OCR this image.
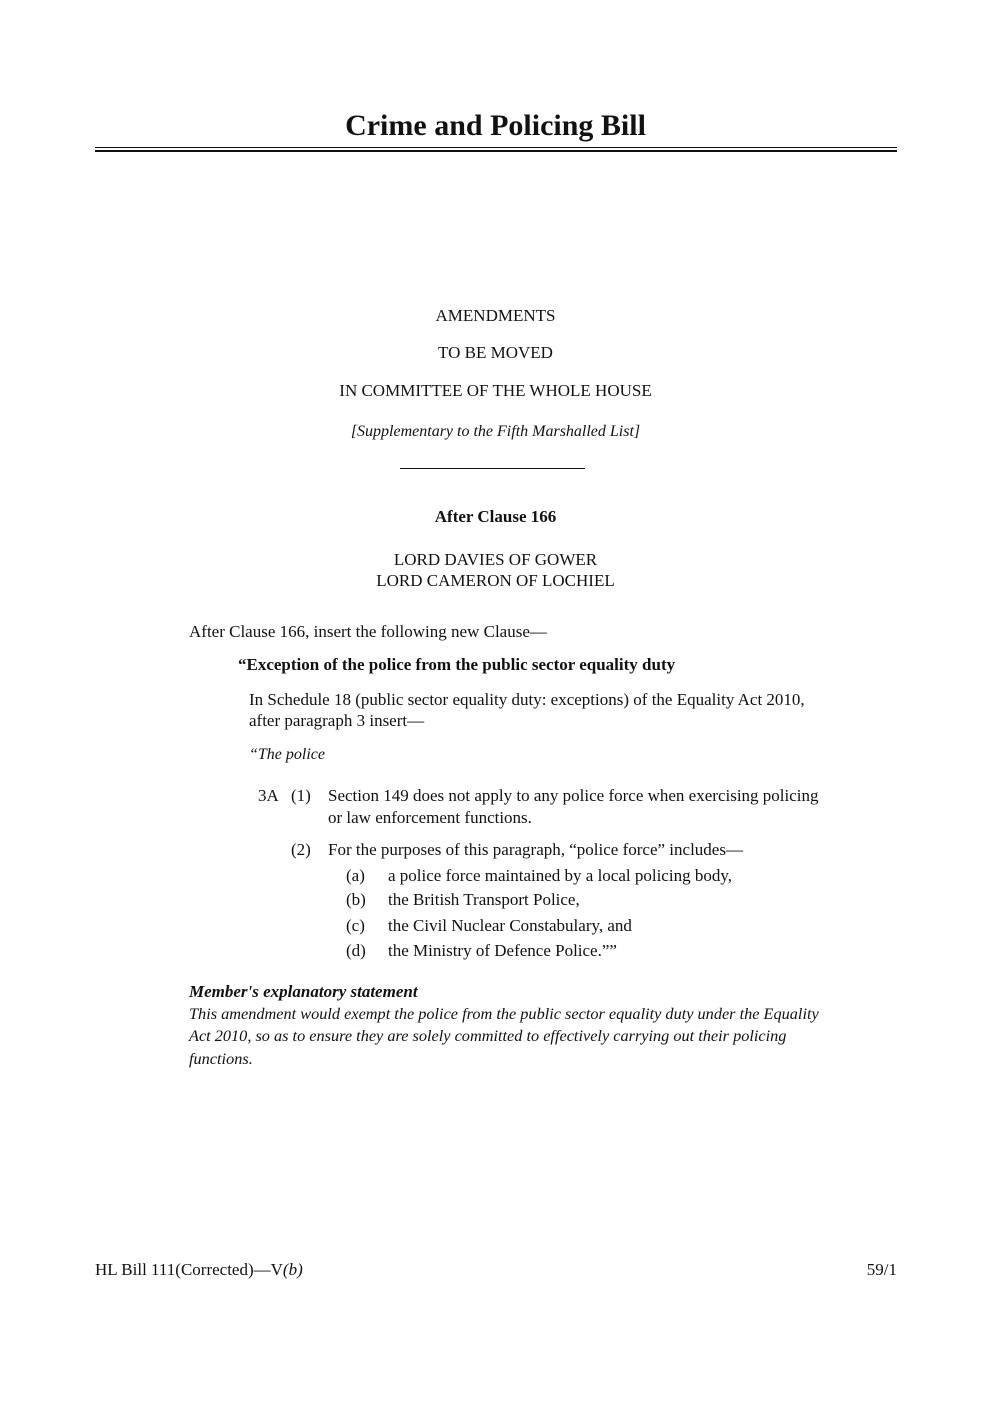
Crime and Policing Bill
AMENDMENTS
TO BE MOVED
IN COMMITTEE OF THE WHOLE HOUSE
[Supplementary to the Fifth Marshalled List]
After Clause 166
LORD DAVIES OF GOWER
LORD CAMERON OF LOCHIEL
After Clause 166, insert the following new Clause—
“Exception of the police from the public sector equality duty
In Schedule 18 (public sector equality duty: exceptions) of the Equality Act 2010,
after paragraph 3 insert—
“The police
3A (1) Section 149 does not apply to any police force when exercising policing
or law enforcement functions.
(2) For the purposes of this paragraph, “police force” includes—
(a) a police force maintained by a local policing body,
(b) the British Transport Police,
(c) the Civil Nuclear Constabulary, and
(d) the Ministry of Defence Police.””
Member's explanatory statement
This amendment would exempt the police from the public sector equality duty under the Equality
Act 2010, so as to ensure they are solely committed to effectively carrying out their policing
functions.
HL Bill 111(Corrected)—V(b)	59/1
